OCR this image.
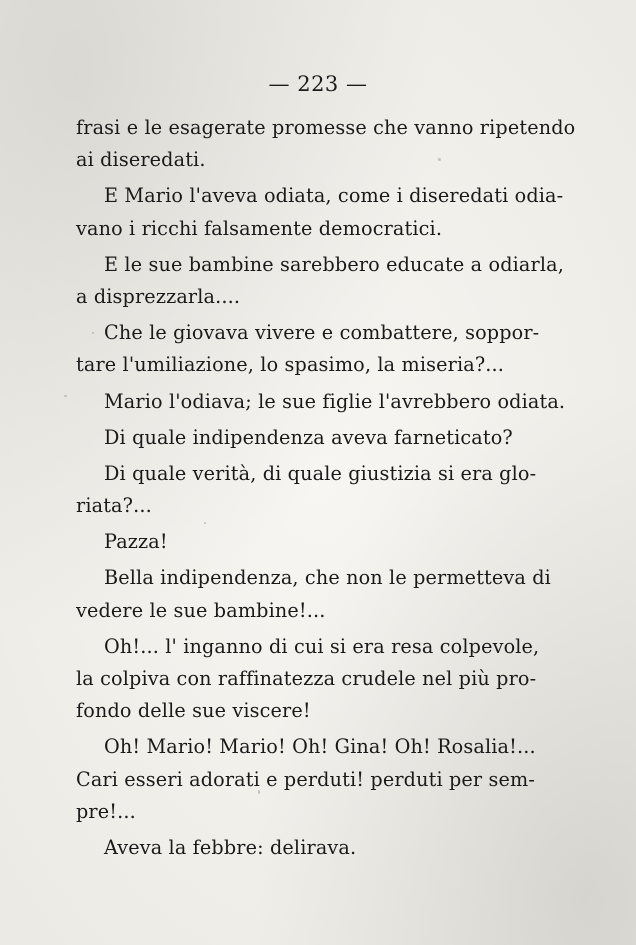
— 223 —
frasi e le esagerate promesse che vanno ripetendo
ai diseredati.
E Mario l'aveva odiata, come i diseredati odia-
vano i ricchi falsamente democratici.
E le sue bambine sarebbero educate a odiarla,
a disprezzarla....
Che le giovava vivere e combattere, soppor-
tare l'umiliazione, lo spasimo, la miseria?...
Mario l'odiava; le sue figlie l'avrebbero odiata.
Di quale indipendenza aveva farneticato?
Di quale verità, di quale giustizia si era glo-
riata?...
Pazza!
Bella indipendenza, che non le permetteva di
vedere le sue bambine!...
Oh!... l' inganno di cui si era resa colpevole,
la colpiva con raffinatezza crudele nel più pro-
fondo delle sue viscere!
Oh! Mario! Mario! Oh! Gina! Oh! Rosalia!...
Cari esseri adorati e perduti! perduti per sem-
pre!...
Aveva la febbre: delirava.
